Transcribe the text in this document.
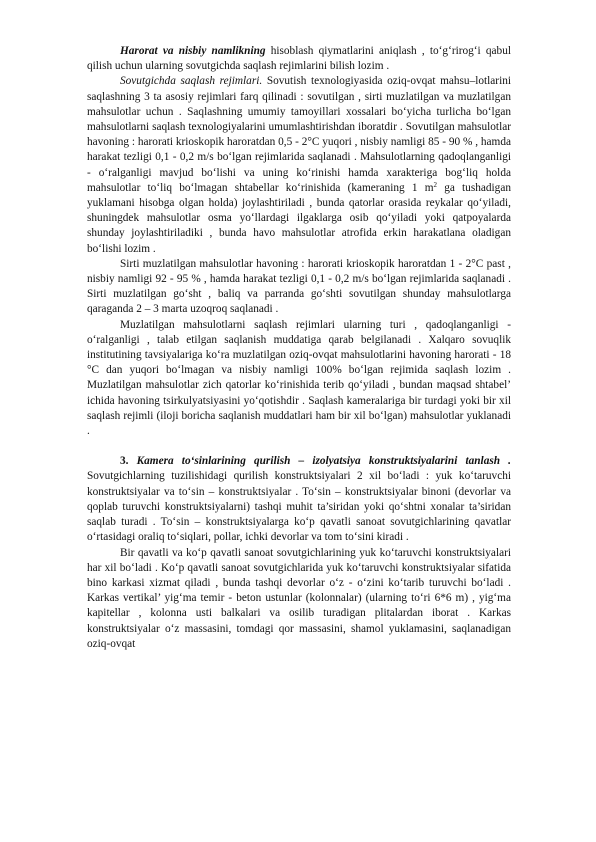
Harorat va nisbiy namlikning hisoblash qiymatlarini aniqlash , to‘g‘rirog‘i qabul qilish uchun ularning sovutgichda saqlash rejimlarini bilish lozim .

Sovutgichda saqlash rejimlari. Sovutish texnologiyasida oziq-ovqat mahsu–lotlarini saqlashning 3 ta asosiy rejimlari farq qilinadi : sovutilgan , sirti muzlatilgan va muzlatilgan mahsulotlar uchun . Saqlashning umumiy tamoyillari xossalari bo‘yicha turlicha bo‘lgan mahsulotlarni saqlash texnologiyalarini umumlashtirishdan iboratdir . Sovutilgan mahsulotlar havoning : harorati krioskopik haroratdan 0,5 - 2°C yuqori , nisbiy namligi 85 - 90 % , hamda harakat tezligi 0,1 - 0,2 m/s bo‘lgan rejimlarida saqlanadi . Mahsulotlarning qadoqlanganligi - o‘ralganligi mavjud bo‘lishi va uning ko‘rinishi hamda xarakteriga bog‘liq holda mahsulotlar to‘liq bo‘lmagan shtabellar ko‘rinishida (kameraning 1 $m^2$ ga tushadigan yuklamani hisobga olgan holda) joylashtiriladi , bunda qatorlar orasida reykalar qo‘yiladi, shuningdek mahsulotlar osma yo‘llardagi ilgaklarga osib qo‘yiladi yoki qatpoyalarda shunday joylashtiriladiki , bunda havo mahsulotlar atrofida erkin harakatlana oladigan bo‘lishi lozim .

Sirti muzlatilgan mahsulotlar havoning : harorati krioskopik haroratdan 1 - 2°C past , nisbiy namligi 92 - 95 % , hamda harakat tezligi 0,1 - 0,2 m/s bo‘lgan rejimlarida saqlanadi . Sirti muzlatilgan go‘sht , baliq va parranda go‘shti sovutilgan shunday mahsulotlarga qaraganda 2 – 3 marta uzoqroq saqlanadi .

Muzlatilgan mahsulotlarni saqlash rejimlari ularning turi , qadoqlanganligi - o‘ralganligi , talab etilgan saqlanish muddatiga qarab belgilanadi . Xalqaro sovuqlik institutining tavsiyalariga ko‘ra muzlatilgan oziq-ovqat mahsulotlarini havoning harorati - 18 °C dan yuqori bo‘lmagan va nisbiy namligi 100% bo‘lgan rejimida saqlash lozim . Muzlatilgan mahsulotlar zich qatorlar ko‘rinishida terib qo‘yiladi , bundan maqsad shtabel’ ichida havoning tsirkulyatsiyasini yo‘qotishdir . Saqlash kameralariga bir turdagi yoki bir xil saqlash rejimli (iloji boricha saqlanish muddatlari ham bir xil bo‘lgan) mahsulotlar yuklanadi .

3. Kamera to‘sinlarining qurilish – izolyatsiya konstruktsiyalarini tanlash . Sovutgichlarning tuzilishidagi qurilish konstruktsiyalari 2 xil bo‘ladi : yuk ko‘taruvchi konstruktsiyalar va to‘sin – konstruktsiyalar . To‘sin – konstruktsiyalar binoni (devorlar va qoplab turuvchi konstruktsiyalarni) tashqi muhit ta’siridan yoki qo‘shtni xonalar ta’siridan saqlab turadi . To‘sin – konstruktsiyalarga ko‘p qavatli sanoat sovutgichlarining qavatlar o‘rtasidagi oraliq to‘siqlari, pollar, ichki devorlar va tom to‘sini kiradi .

Bir qavatli va ko‘p qavatli sanoat sovutgichlarining yuk ko‘taruvchi konstruktsiyalari har xil bo‘ladi . Ko‘p qavatli sanoat sovutgichlarida yuk ko‘taruvchi konstruktsiyalar sifatida bino karkasi xizmat qiladi , bunda tashqi devorlar o‘z - o‘zini ko‘tarib turuvchi bo‘ladi . Karkas vertikal’ yig‘ma temir - beton ustunlar (kolonnalar) (ularning to‘ri 6*6 m) , yig‘ma kapitellar , kolonna usti balkalari va osilib turadigan plitalardan iborat . Karkas konstruktsiyalar o‘z massasini, tomdagi qor massasini, shamol yuklamasini, saqlanadigan oziq-ovqat
